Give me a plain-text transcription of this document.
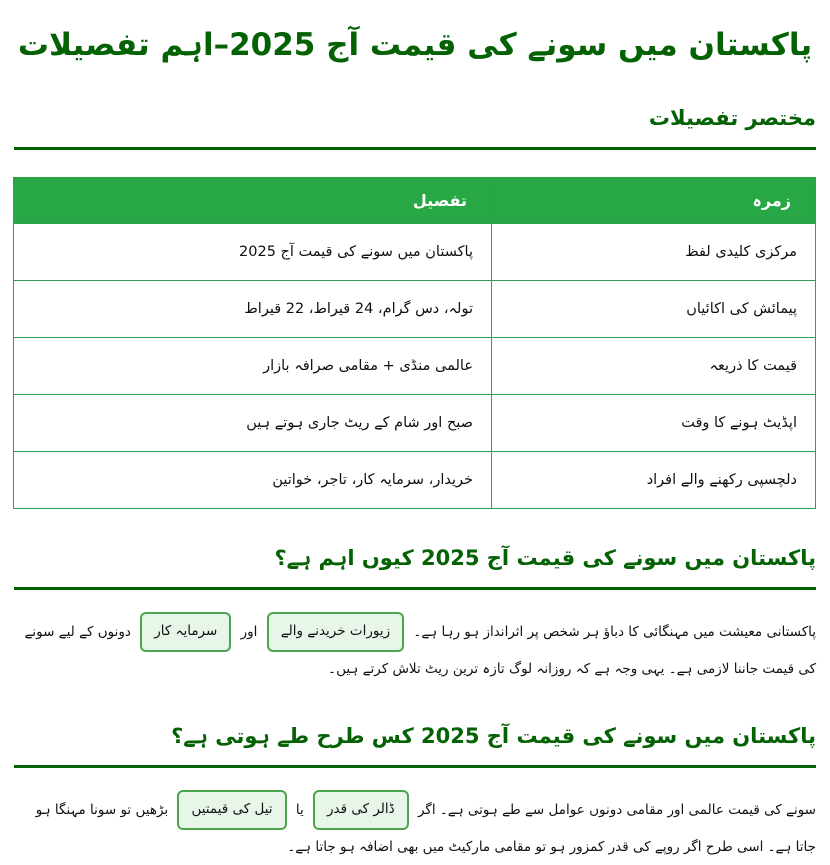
پاکستان میں سونے کی قیمت آج 2025–اہم تفصیلات
مختصر تفصیلات
زمرہ	تفصیل
مرکزی کلیدی لفظ	پاکستان میں سونے کی قیمت آج 2025
پیمائش کی اکائیاں	تولہ، دس گرام، 24 قیراط، 22 قیراط
قیمت کا ذریعہ	عالمی منڈی + مقامی صرافہ بازار
اپڈیٹ ہونے کا وقت	صبح اور شام کے ریٹ جاری ہوتے ہیں
دلچسپی رکھنے والے افراد	خریدار، سرمایہ کار، تاجر، خواتین
پاکستان میں سونے کی قیمت آج 2025 کیوں اہم ہے؟

پاکستانی معیشت میں مہنگائی کا دباؤ ہر شخص پر اثرانداز ہو رہا ہے۔ زیورات خریدنے والے اور سرمایہ کار دونوں کے لیے سونے کی قیمت جاننا لازمی ہے۔ یہی وجہ ہے کہ روزانہ لوگ تازہ ترین ریٹ تلاش کرتے ہیں۔

پاکستان میں سونے کی قیمت آج 2025 کس طرح طے ہوتی ہے؟

سونے کی قیمت عالمی اور مقامی دونوں عوامل سے طے ہوتی ہے۔ اگر ڈالر کی قدر یا تیل کی قیمتیں بڑھیں تو سونا مہنگا ہو جاتا ہے۔ اسی طرح اگر روپے کی قدر کمزور ہو تو مقامی مارکیٹ میں بھی اضافہ ہو جاتا ہے۔
